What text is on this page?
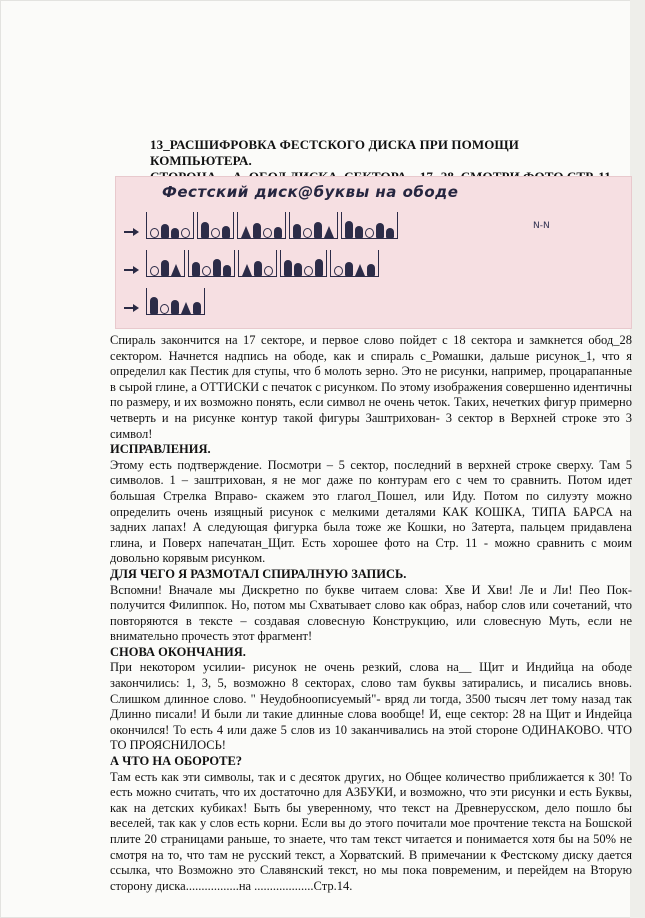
13_РАСШИФРОВКА ФЕСТСКОГО ДИСКА ПРИ ПОМОЩИ КОМПЬЮТЕРА.
Фестский диск@буквы на ободе
N-N

Спираль закончится на 17 секторе, и первое слово пойдет с 18 сектора и замкнется обод_28 сектором. Начнется надпись на ободе, как и спираль с_Ромашки, дальше рисунок_1, что я определил как Пестик для ступы, что б молоть зерно. Это не рисунки, например, процарапанные в сырой глине, а ОТТИСКИ с печаток с рисунком. По этому изображения совершенно идентичны по размеру, и их возможно понять, если символ не очень четок. Таких, нечетких фигур примерно четверть и на рисунке контур такой фигуры Заштрихован- 3 сектор в Верхней строке это 3 символ!

ИСПРАВЛЕНИЯ.

Этому есть подтверждение. Посмотри – 5 сектор, последний в верхней строке сверху. Там 5 символов. 1 – заштрихован, я не мог даже по контурам его с чем то сравнить. Потом идет большая Стрелка Вправо- скажем это глагол_Пошел, или Иду. Потом по силуэту можно определить очень изящный рисунок с мелкими деталями КАК КОШКА, ТИПА БАРСА на задних лапах! А следующая фигурка была тоже же Кошки, но Затерта, пальцем придавлена глина, и Поверх напечатан_Щит. Есть хорошее фото на Стр. 11 - можно сравнить с моим довольно корявым рисунком.

ДЛЯ ЧЕГО Я РАЗМОТАЛ СПИРАЛНУЮ ЗАПИСЬ.

Вспомни! Вначале мы Дискретно по букве читаем слова: Хве И Хви! Ле и Ли! Пео Пок- получится Филиппок. Но, потом мы Схватывает слово как образ, набор слов или сочетаний, что повторяются в тексте – создавая словесную Конструкцию, или словесную Муть, если не внимательно прочесть этот фрагмент!

СНОВА ОКОНЧАНИЯ.

При некотором усилии- рисунок не очень резкий, слова на__ Щит и Индийца на ободе закончились: 1, 3, 5, возможно 8 секторах, слово там буквы затирались, и писались вновь. Слишком длинное слово. " Неудобноописуемый"- вряд ли тогда, 3500 тысяч лет тому назад так Длинно писали! И были ли такие длинные слова вообще! И, еще сектор: 28 на Щит и Индейца окончился! То есть 4 или даже 5 слов из 10 заканчивались на этой стороне ОДИНАКОВО. ЧТО ТО ПРОЯСНИЛОСЬ!

А ЧТО НА ОБОРОТЕ?

Там есть как эти символы, так и с десяток других, но Общее количество приближается к 30! То есть можно считать, что их достаточно для АЗБУКИ, и возможно, что эти рисунки и есть Буквы, как на детских кубиках! Быть бы уверенному, что текст на Древнерусском, дело пошло бы веселей, так как у слов есть корни. Если вы до этого почитали мое прочтение текста на Бошской плите 20 страницами раньше, то знаете, что там текст читается и понимается хотя бы на 50% не смотря на то, что там не русский текст, а Хорватский. В примечании к Фестскому диску дается ссылка, что Возможно это Славянский текст, но мы пока повременим, и перейдем на Вторую сторону диска.................на ...................Стр.14.
